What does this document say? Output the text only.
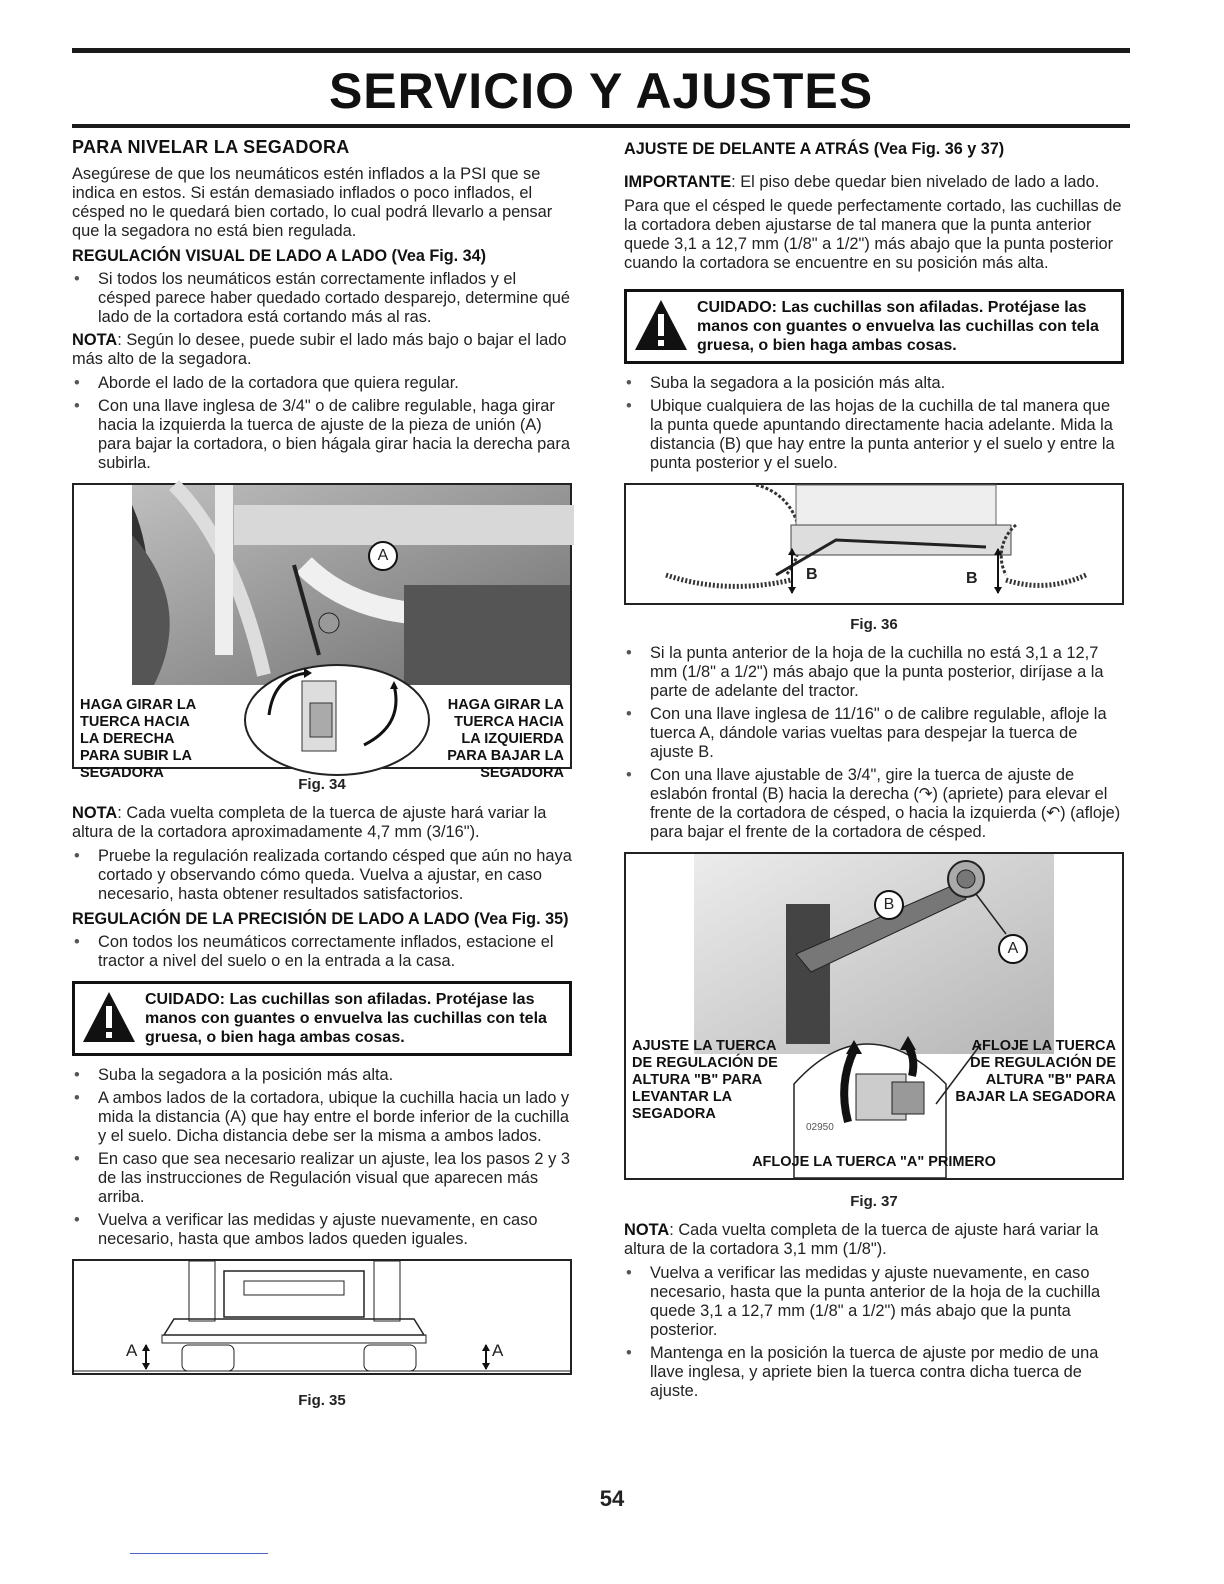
SERVICIO Y AJUSTES
PARA NIVELAR LA SEGADORA

Asegúrese de que los neumáticos estén inflados a la PSI que se indica en estos. Si están demasiado inflados o poco inflados, el césped no le quedará bien cortado, lo cual podrá llevarlo a pensar que la segadora no está bien regulada.

REGULACIÓN VISUAL DE LADO A LADO (Vea Fig. 34)
• Si todos los neumáticos están correctamente inflados y el césped parece haber quedado cortado desparejo, determine qué lado de la cortadora está cortando más al ras.

NOTA: Según lo desee, puede subir el lado más bajo o bajar el lado más alto de la segadora.

• Aborde el lado de la cortadora que quiera regular.
• Con una llave inglesa de 3/4" o de calibre regulable, haga girar hacia la izquierda la tuerca de ajuste de la pieza de unión (A) para bajar la cortadora, o bien hágala girar hacia la derecha para subirla.
A
HAGA GIRAR LA TUERCA HACIA LA DERECHA PARA SUBIR LA SEGADORA
HAGA GIRAR LA TUERCA HACIA LA IZQUIERDA PARA BAJAR LA SEGADORA
Fig. 34

NOTA: Cada vuelta completa de la tuerca de ajuste hará variar la altura de la cortadora aproximadamente 4,7 mm (3/16").

• Pruebe la regulación realizada cortando césped que aún no haya cortado y observando cómo queda. Vuelva a ajustar, en caso necesario, hasta obtener resultados satisfactorios.
REGULACIÓN DE LA PRECISIÓN DE LADO A LADO (Vea Fig. 35)
• Con todos los neumáticos correctamente inflados, estacione el tractor a nivel del suelo o en la entrada a la casa.
CUIDADO: Las cuchillas son afiladas. Protéjase las manos con guantes o envuelva las cuchillas con tela gruesa, o bien haga ambas cosas.
• Suba la segadora a la posición más alta.
• A ambos lados de la cortadora, ubique la cuchilla hacia un lado y mida la distancia (A) que hay entre el borde inferior de la cuchilla y el suelo. Dicha distancia debe ser la misma a ambos lados.
• En caso que sea necesario realizar un ajuste, lea los pasos 2 y 3 de las instrucciones de Regulación visual que aparecen más arriba.
• Vuelva a verificar las medidas y ajuste nuevamente, en caso necesario, hasta que ambos lados queden iguales.
A	A
Fig. 35
AJUSTE DE DELANTE A ATRÁS (Vea Fig. 36 y 37)

IMPORTANTE: El piso debe quedar bien nivelado de lado a lado.

Para que el césped le quede perfectamente cortado, las cuchillas de la cortadora deben ajustarse de tal manera que la punta anterior quede 3,1 a 12,7 mm (1/8" a 1/2") más abajo que la punta posterior cuando la cortadora se encuentre en su posición más alta.

CUIDADO: Las cuchillas son afiladas. Protéjase las manos con guantes o envuelva las cuchillas con tela gruesa, o bien haga ambas cosas.
• Suba la segadora a la posición más alta.
• Ubique cualquiera de las hojas de la cuchilla de tal manera que la punta quede apuntando directamente hacia adelante. Mida la distancia (B) que hay entre la punta anterior y el suelo y entre la punta posterior y el suelo.
B	B
Fig. 36
• Si la punta anterior de la hoja de la cuchilla no está 3,1 a 12,7 mm (1/8" a 1/2") más abajo que la punta posterior, diríjase a la parte de adelante del tractor.
• Con una llave inglesa de 11/16" o de calibre regulable, afloje la tuerca A, dándole varias vueltas para despejar la tuerca de ajuste B.
• Con una llave ajustable de 3/4", gire la tuerca de ajuste de eslabón frontal (B) hacia la derecha (↷) (apriete) para elevar el frente de la cortadora de césped, o hacia la izquierda (↶) (afloje) para bajar el frente de la cortadora de césped.
B
A
AJUSTE LA TUERCA DE REGULACIÓN DE ALTURA "B" PARA LEVANTAR LA SEGADORA
AFLOJE LA TUERCA DE REGULACIÓN DE ALTURA "B" PARA BAJAR LA SEGADORA
02950
AFLOJE LA TUERCA "A" PRIMERO
Fig. 37

NOTA: Cada vuelta completa de la tuerca de ajuste hará variar la altura de la cortadora 3,1 mm (1/8").

• Vuelva a verificar las medidas y ajuste nuevamente, en caso necesario, hasta que la punta anterior de la hoja de la cuchilla quede 3,1 a 12,7 mm (1/8" a 1/2") más abajo que la punta posterior.
• Mantenga en la posición la tuerca de ajuste por medio de una llave inglesa, y apriete bien la tuerca contra dicha tuerca de ajuste.
54
